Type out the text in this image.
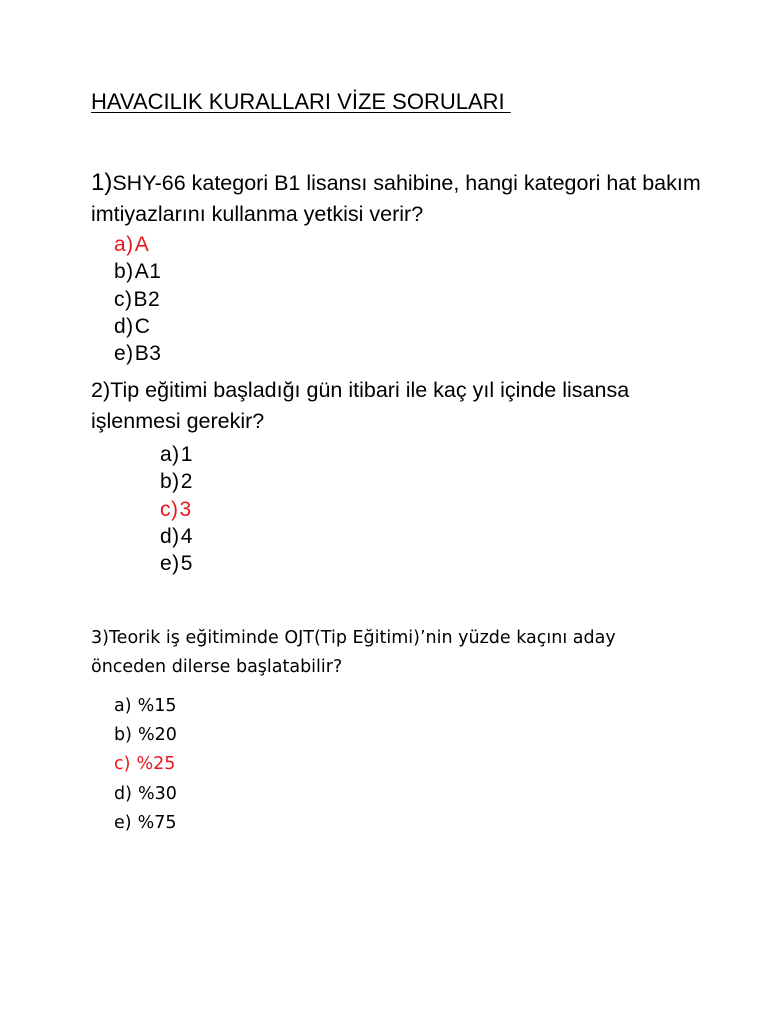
HAVACILIK KURALLARI VİZE SORULARI

1)SHY-66 kategori B1 lisansı sahibine, hangi kategori hat bakım imtiyazlarını kullanma yetkisi verir?

a)A
b)A1
c)B2
d)C
e)B3

2)Tip eğitimi başladığı gün itibari ile kaç yıl içinde lisansa işlenmesi gerekir?

a)1
b)2
c)3
d)4
e)5

3)Teorik iş eğitiminde OJT(Tip Eğitimi)’nin yüzde kaçını aday önceden dilerse başlatabilir?

a) %15
b) %20
c) %25
d) %30
e) %75
